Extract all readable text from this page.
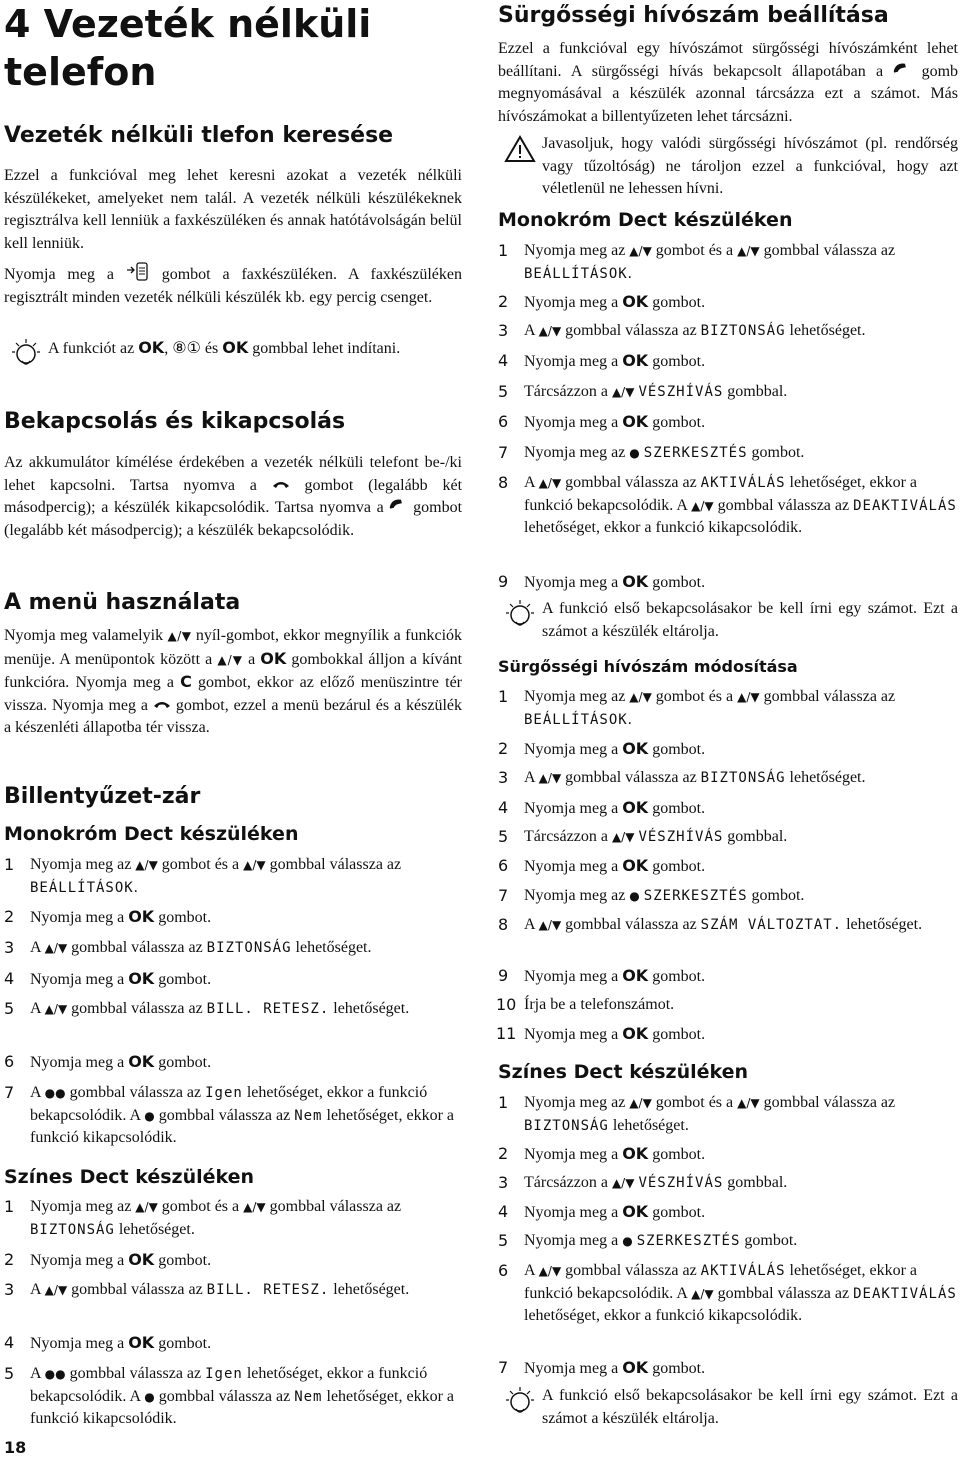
4 Vezeték nélküli telefon
Vezeték nélküli tlefon keresése

Ezzel a funkcióval meg lehet keresni azokat a vezeték nélküli készülékeket, amelyeket nem talál. A vezeték nélküli készülékeknek regisztrálva kell lenniük a faxkészüléken és annak hatótávolságán belül kell lenniük.

Nyomja meg a	gombot a faxkészüléken. A faxkészüléken regisztrált minden vezeték nélküli készülék kb. egy percig csenget.

A funkciót az OK, ⑧① és OK gombbal lehet indítani.
Bekapcsolás és kikapcsolás

Az akkumulátor kímélése érdekében a vezeték nélküli telefont be-/ki lehet kapcsolni. Tartsa nyomva a	gombot (legalább két másodpercig); a készülék kikapcsolódik. Tartsa nyomva a gombot (legalább két másodpercig); a készülék bekapcsolódik.

A menü használata

Nyomja meg valamelyik ▲/▼ nyíl-gombot, ekkor megnyílik a funkciók menüje. A menüpontok között a ▲/▼ a OK gombokkal álljon a kívánt funkcióra. Nyomja meg a C gombot, ekkor az előző menüszintre tér vissza. Nyomja meg a gombot, ezzel a menü bezárul és a készülék a készenléti állapotba tér vissza.

Billentyűzet-zár
Monokróm Dect készüléken
1 Nyomja meg az ▲/▼ gombot és a ▲/▼ gombbal válassza az BEÁLLÍTÁSOK.
2 Nyomja meg a OK gombot.
3 A ▲/▼ gombbal válassza az BIZTONSÁG lehetőséget.
4 Nyomja meg a OK gombot.
5 A ▲/▼ gombbal válassza az BILL. RETESZ. lehetőséget.
6 Nyomja meg a OK gombot.
7 A ●● gombbal válassza az Igen lehetőséget, ekkor a funkció bekapcsolódik. A ● gombbal válassza az Nem lehetőséget, ekkor a funkció kikapcsolódik.
Színes Dect készüléken
1 Nyomja meg az ▲/▼ gombot és a ▲/▼ gombbal válassza az BIZTONSÁG lehetőséget.
2 Nyomja meg a OK gombot.
3 A ▲/▼ gombbal válassza az BILL. RETESZ. lehetőséget.
4 Nyomja meg a OK gombot.
5 A ●● gombbal válassza az Igen lehetőséget, ekkor a funkció bekapcsolódik. A ● gombbal válassza az Nem lehetőséget, ekkor a funkció kikapcsolódik.
Sürgősségi hívószám beállítása

Ezzel a funkcióval egy hívószámot sürgősségi hívószámként lehet beállítani. A sürgősségi hívás bekapcsolt állapotában a gomb megnyomásával a készülék azonnal tárcsázza ezt a számot. Más hívószámokat a billentyűzeten lehet tárcsázni.

Javasoljuk, hogy valódi sürgősségi hívószámot (pl. rendőrség vagy tűzoltóság) ne tároljon ezzel a funkcióval, hogy azt véletlenül ne lehessen hívni.
Monokróm Dect készüléken
1 Nyomja meg az ▲/▼ gombot és a ▲/▼ gombbal válassza az BEÁLLÍTÁSOK.
2 Nyomja meg a OK gombot.
3 A ▲/▼ gombbal válassza az BIZTONSÁG lehetőséget.
4 Nyomja meg a OK gombot.
5 Tárcsázzon a ▲/▼ VÉSZHÍVÁS gombbal.
6 Nyomja meg a OK gombot.
7 Nyomja meg az ● SZERKESZTÉS gombot.
8 A ▲/▼ gombbal válassza az AKTIVÁLÁS lehetőséget, ekkor a funkció bekapcsolódik. A ▲/▼ gombbal válassza az DEAKTIVÁLÁS lehetőséget, ekkor a funkció kikapcsolódik.
9 Nyomja meg a OK gombot.
A funkció első bekapcsolásakor be kell írni egy számot. Ezt a számot a készülék eltárolja.
Sürgősségi hívószám módosítása
1 Nyomja meg az ▲/▼ gombot és a ▲/▼ gombbal válassza az BEÁLLÍTÁSOK.
2 Nyomja meg a OK gombot.
3 A ▲/▼ gombbal válassza az BIZTONSÁG lehetőséget.
4 Nyomja meg a OK gombot.
5 Tárcsázzon a ▲/▼ VÉSZHÍVÁS gombbal.
6 Nyomja meg a OK gombot.
7 Nyomja meg az ● SZERKESZTÉS gombot.
8 A ▲/▼ gombbal válassza az SZÁM VÁLTOZTAT. lehetőséget.
9 Nyomja meg a OK gombot.
10 Írja be a telefonszámot.
11 Nyomja meg a OK gombot.
Színes Dect készüléken
1 Nyomja meg az ▲/▼ gombot és a ▲/▼ gombbal válassza az BIZTONSÁG lehetőséget.
2 Nyomja meg a OK gombot.
3 Tárcsázzon a ▲/▼ VÉSZHÍVÁS gombbal.
4 Nyomja meg a OK gombot.
5 Nyomja meg a ● SZERKESZTÉS gombot.
6 A ▲/▼ gombbal válassza az AKTIVÁLÁS lehetőséget, ekkor a funkció bekapcsolódik. A ▲/▼ gombbal válassza az DEAKTIVÁLÁS lehetőséget, ekkor a funkció kikapcsolódik.
7 Nyomja meg a OK gombot.
A funkció első bekapcsolásakor be kell írni egy számot. Ezt a számot a készülék eltárolja.
18
